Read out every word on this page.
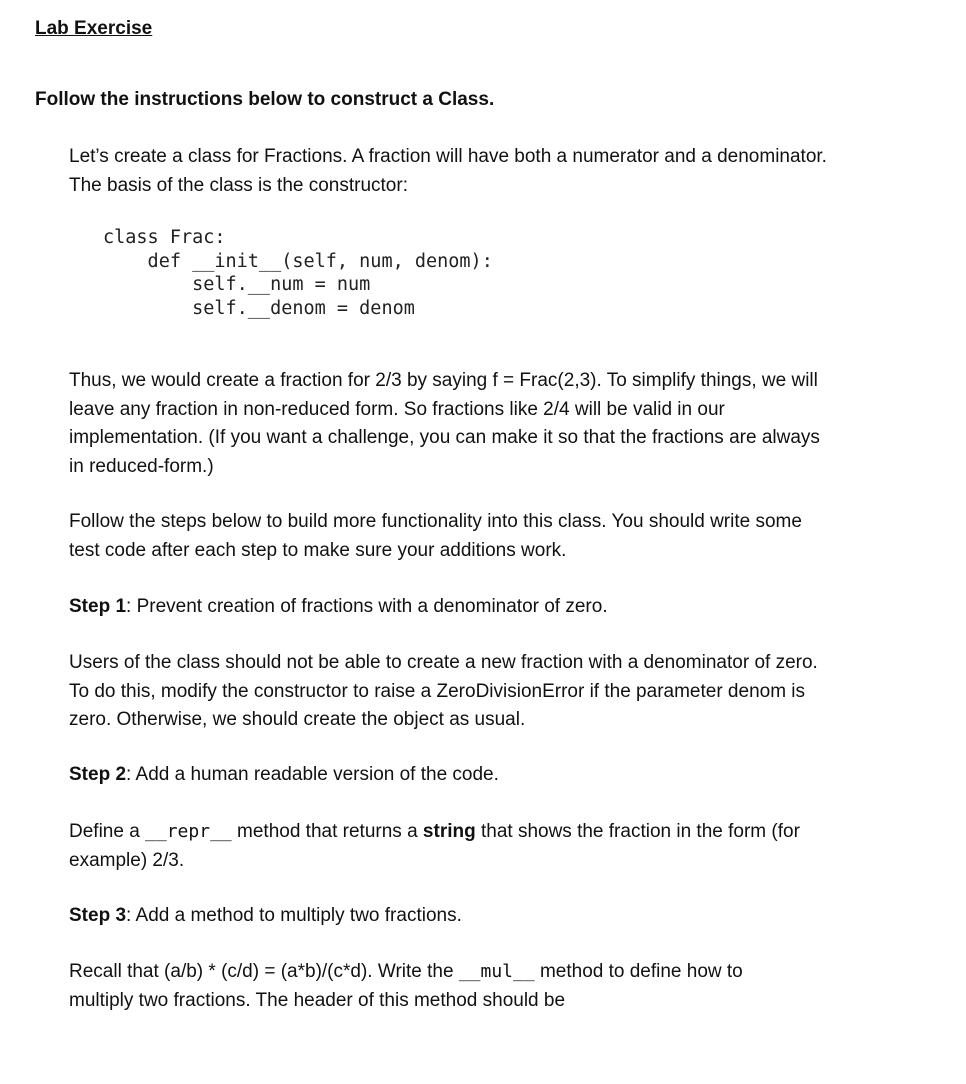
Lab Exercise
Follow the instructions below to construct a Class.

Let’s create a class for Fractions. A fraction will have both a numerator and a denominator.
The basis of the class is the constructor:

class Frac:
def __init__(self, num, denom):
self.__num = num
self.__denom = denom

Thus, we would create a fraction for 2/3 by saying f = Frac(2,3). To simplify things, we will
leave any fraction in non-reduced form. So fractions like 2/4 will be valid in our
implementation. (If you want a challenge, you can make it so that the fractions are always
in reduced-form.)

Follow the steps below to build more functionality into this class. You should write some
test code after each step to make sure your additions work.

Step 1: Prevent creation of fractions with a denominator of zero.

Users of the class should not be able to create a new fraction with a denominator of zero.
To do this, modify the constructor to raise a ZeroDivisionError if the parameter denom is
zero. Otherwise, we should create the object as usual.

Step 2: Add a human readable version of the code.

Define a __repr__ method that returns a string that shows the fraction in the form (for
example) 2/3.

Step 3: Add a method to multiply two fractions.

Recall that (a/b) * (c/d) = (a*b)/(c*d). Write the __mul__ method to define how to
multiply two fractions. The header of this method should be
